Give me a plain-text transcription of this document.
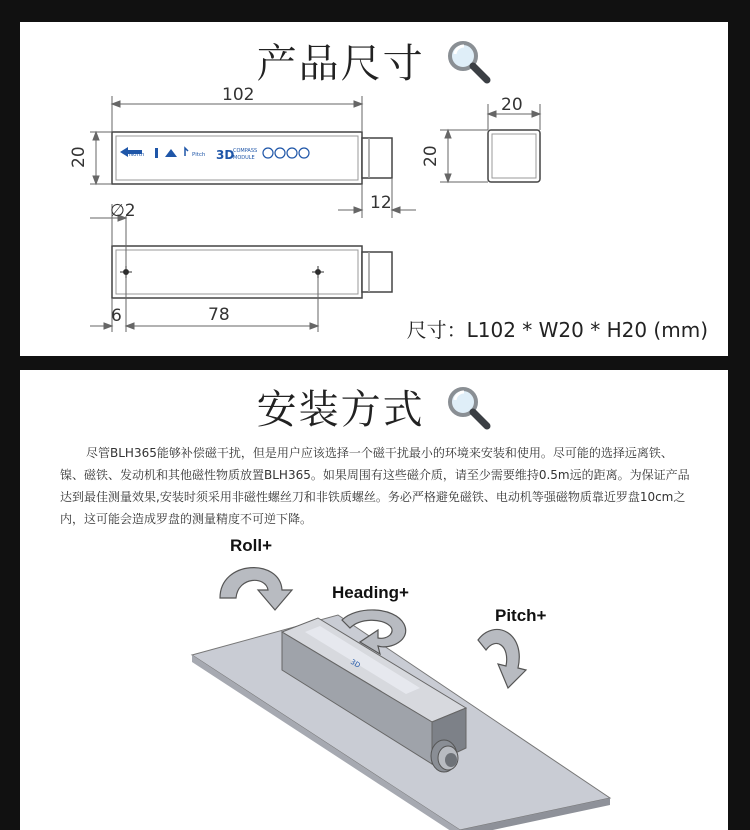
产品尺寸
North	Pitch 3D
COMPASS
MODULE
102
20
12
20
20
∅2
6	78
尺寸：L102 * W20 * H20 (mm)
安装方式
尽管BLH365能够补偿磁干扰，但是用户应该选择一个磁干扰最小的环境来安装和使用。尽可能的选择远离铁、镍、磁铁、发动机和其他磁性物质放置BLH365。如果周围有这些磁介质，请至少需要维持0.5m远的距离。为保证产品达到最佳测量效果,安装时须采用非磁性螺丝刀和非铁质螺丝。务必严格避免磁铁、电动机等强磁物质靠近罗盘10cm之内，这可能会造成罗盘的测量精度不可逆下降。
Roll+
Heading+
Pitch+
3D
